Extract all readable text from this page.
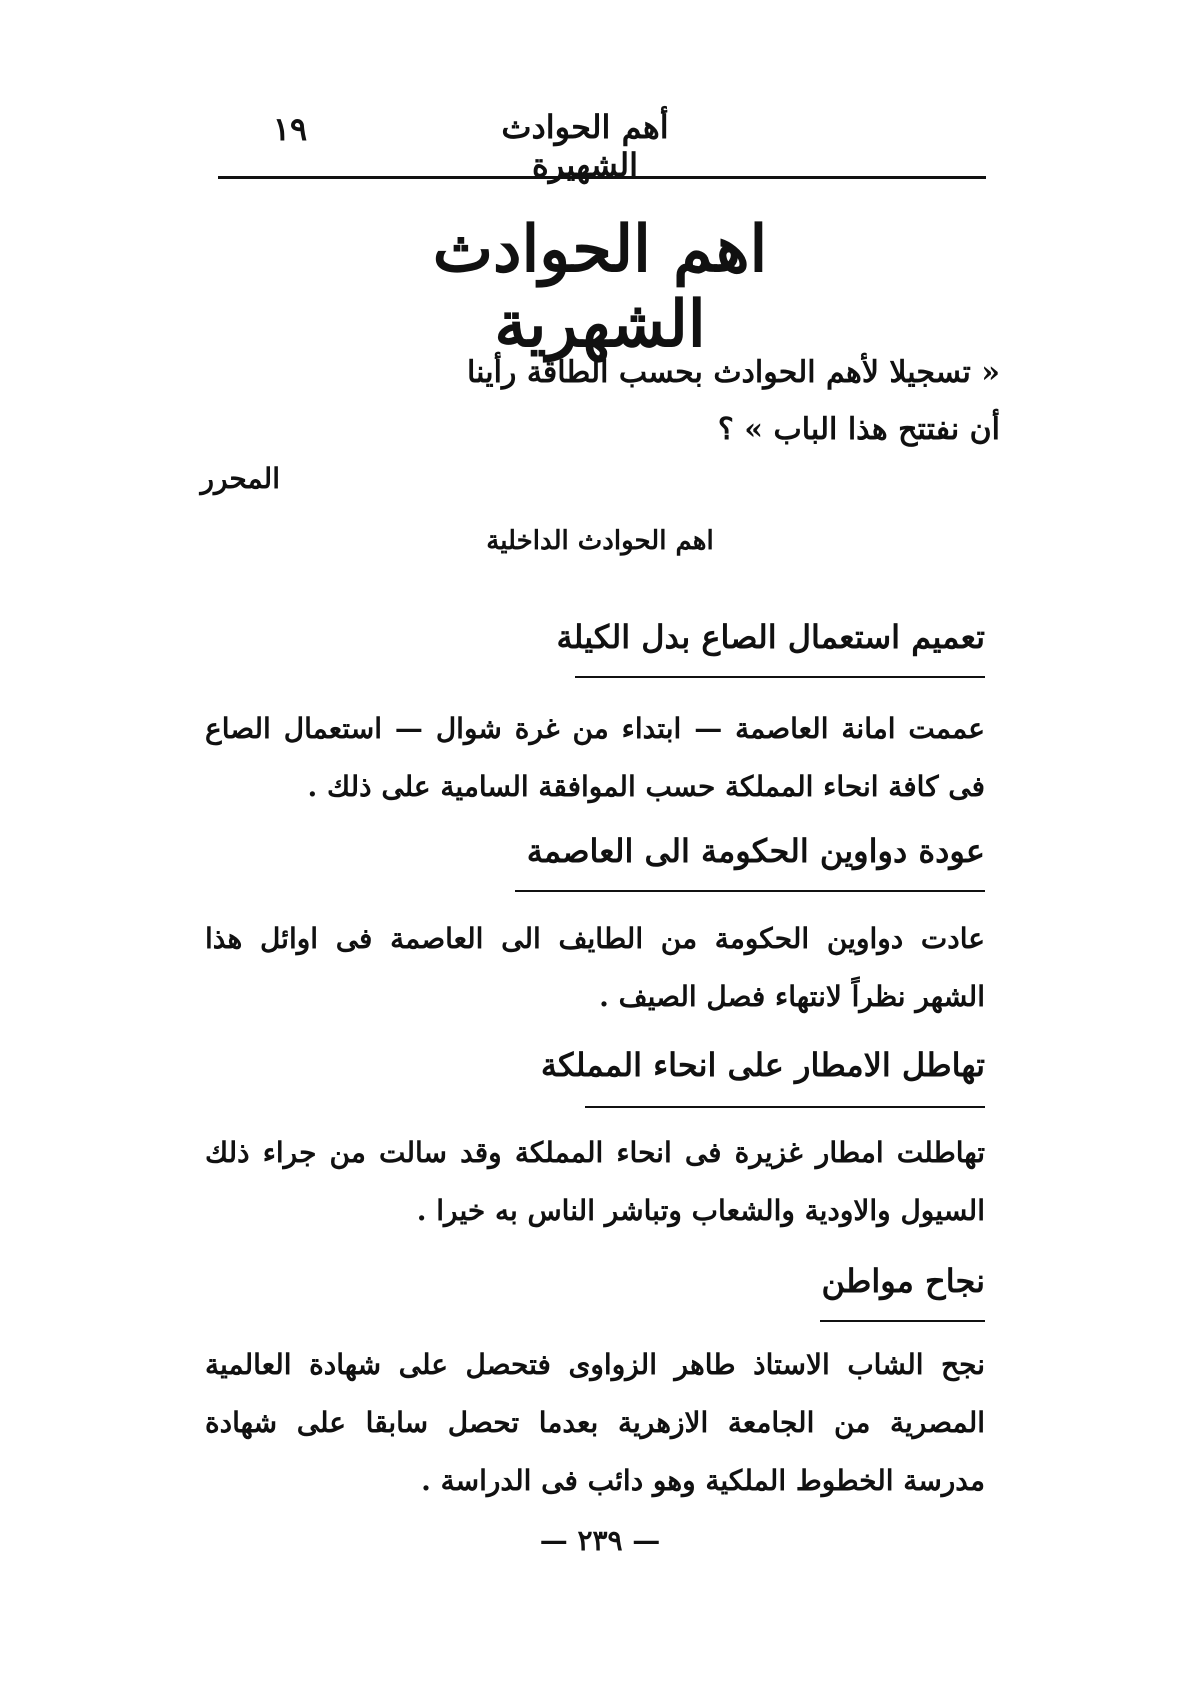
أهم الحوادث الشهيرة
١٩
اهم الحوادث الشهرية
« تسجيلا لأهم الحوادث بحسب الطاقة رأينا
أن نفتتح هذا الباب » ؟
المحرر
اهم الحوادث الداخلية
تعميم استعمال الصاع بدل الكيلة
عممت امانة العاصمة — ابتداء من غرة شوال — استعمال الصاع فى كافة انحاء المملكة حسب الموافقة السامية على ذلك .
عودة دواوين الحكومة الى العاصمة
عادت دواوين الحكومة من الطايف الى العاصمة فى اوائل هذا الشهر نظراً لانتهاء فصل الصيف .
تهاطل الامطار على انحاء المملكة
تهاطلت امطار غزيرة فى انحاء المملكة وقد سالت من جراء ذلك السيول والاودية والشعاب وتباشر الناس به خيرا .
نجاح مواطن
نجح الشاب الاستاذ طاهر الزواوى فتحصل على شهادة العالمية المصرية من الجامعة الازهرية بعدما تحصل سابقا على شهادة مدرسة الخطوط الملكية وهو دائب فى الدراسة .
— ٢٣٩ —
